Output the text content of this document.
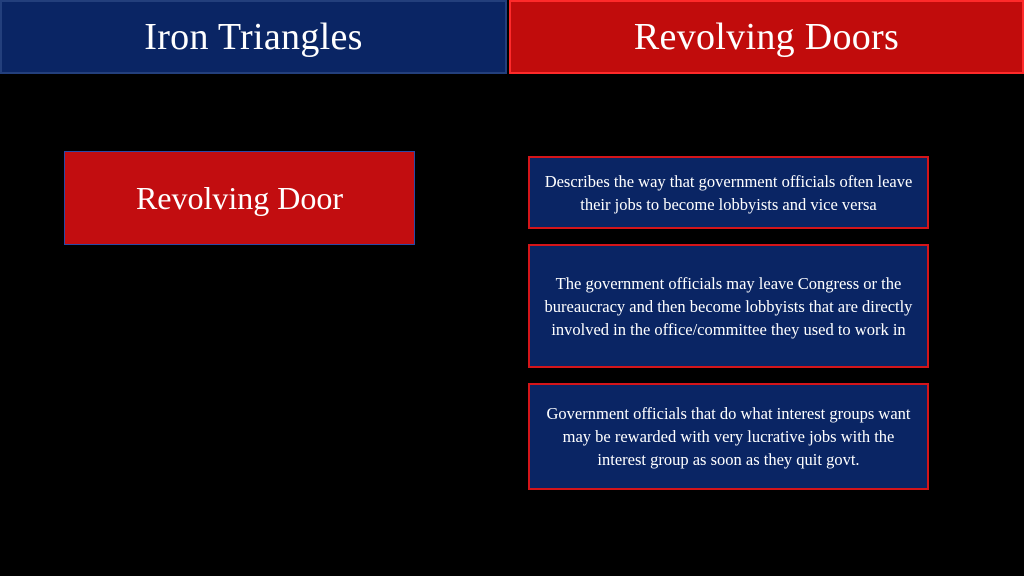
Iron Triangles	Revolving Doors
Revolving Door	Describes the way that government officials often leave their jobs to become lobbyists and vice versa
The government officials may leave Congress or the bureaucracy and then become lobbyists that are directly involved in the office/committee they used to work in
Government officials that do what interest groups want may be rewarded with very lucrative jobs with the interest group as soon as they quit govt.
